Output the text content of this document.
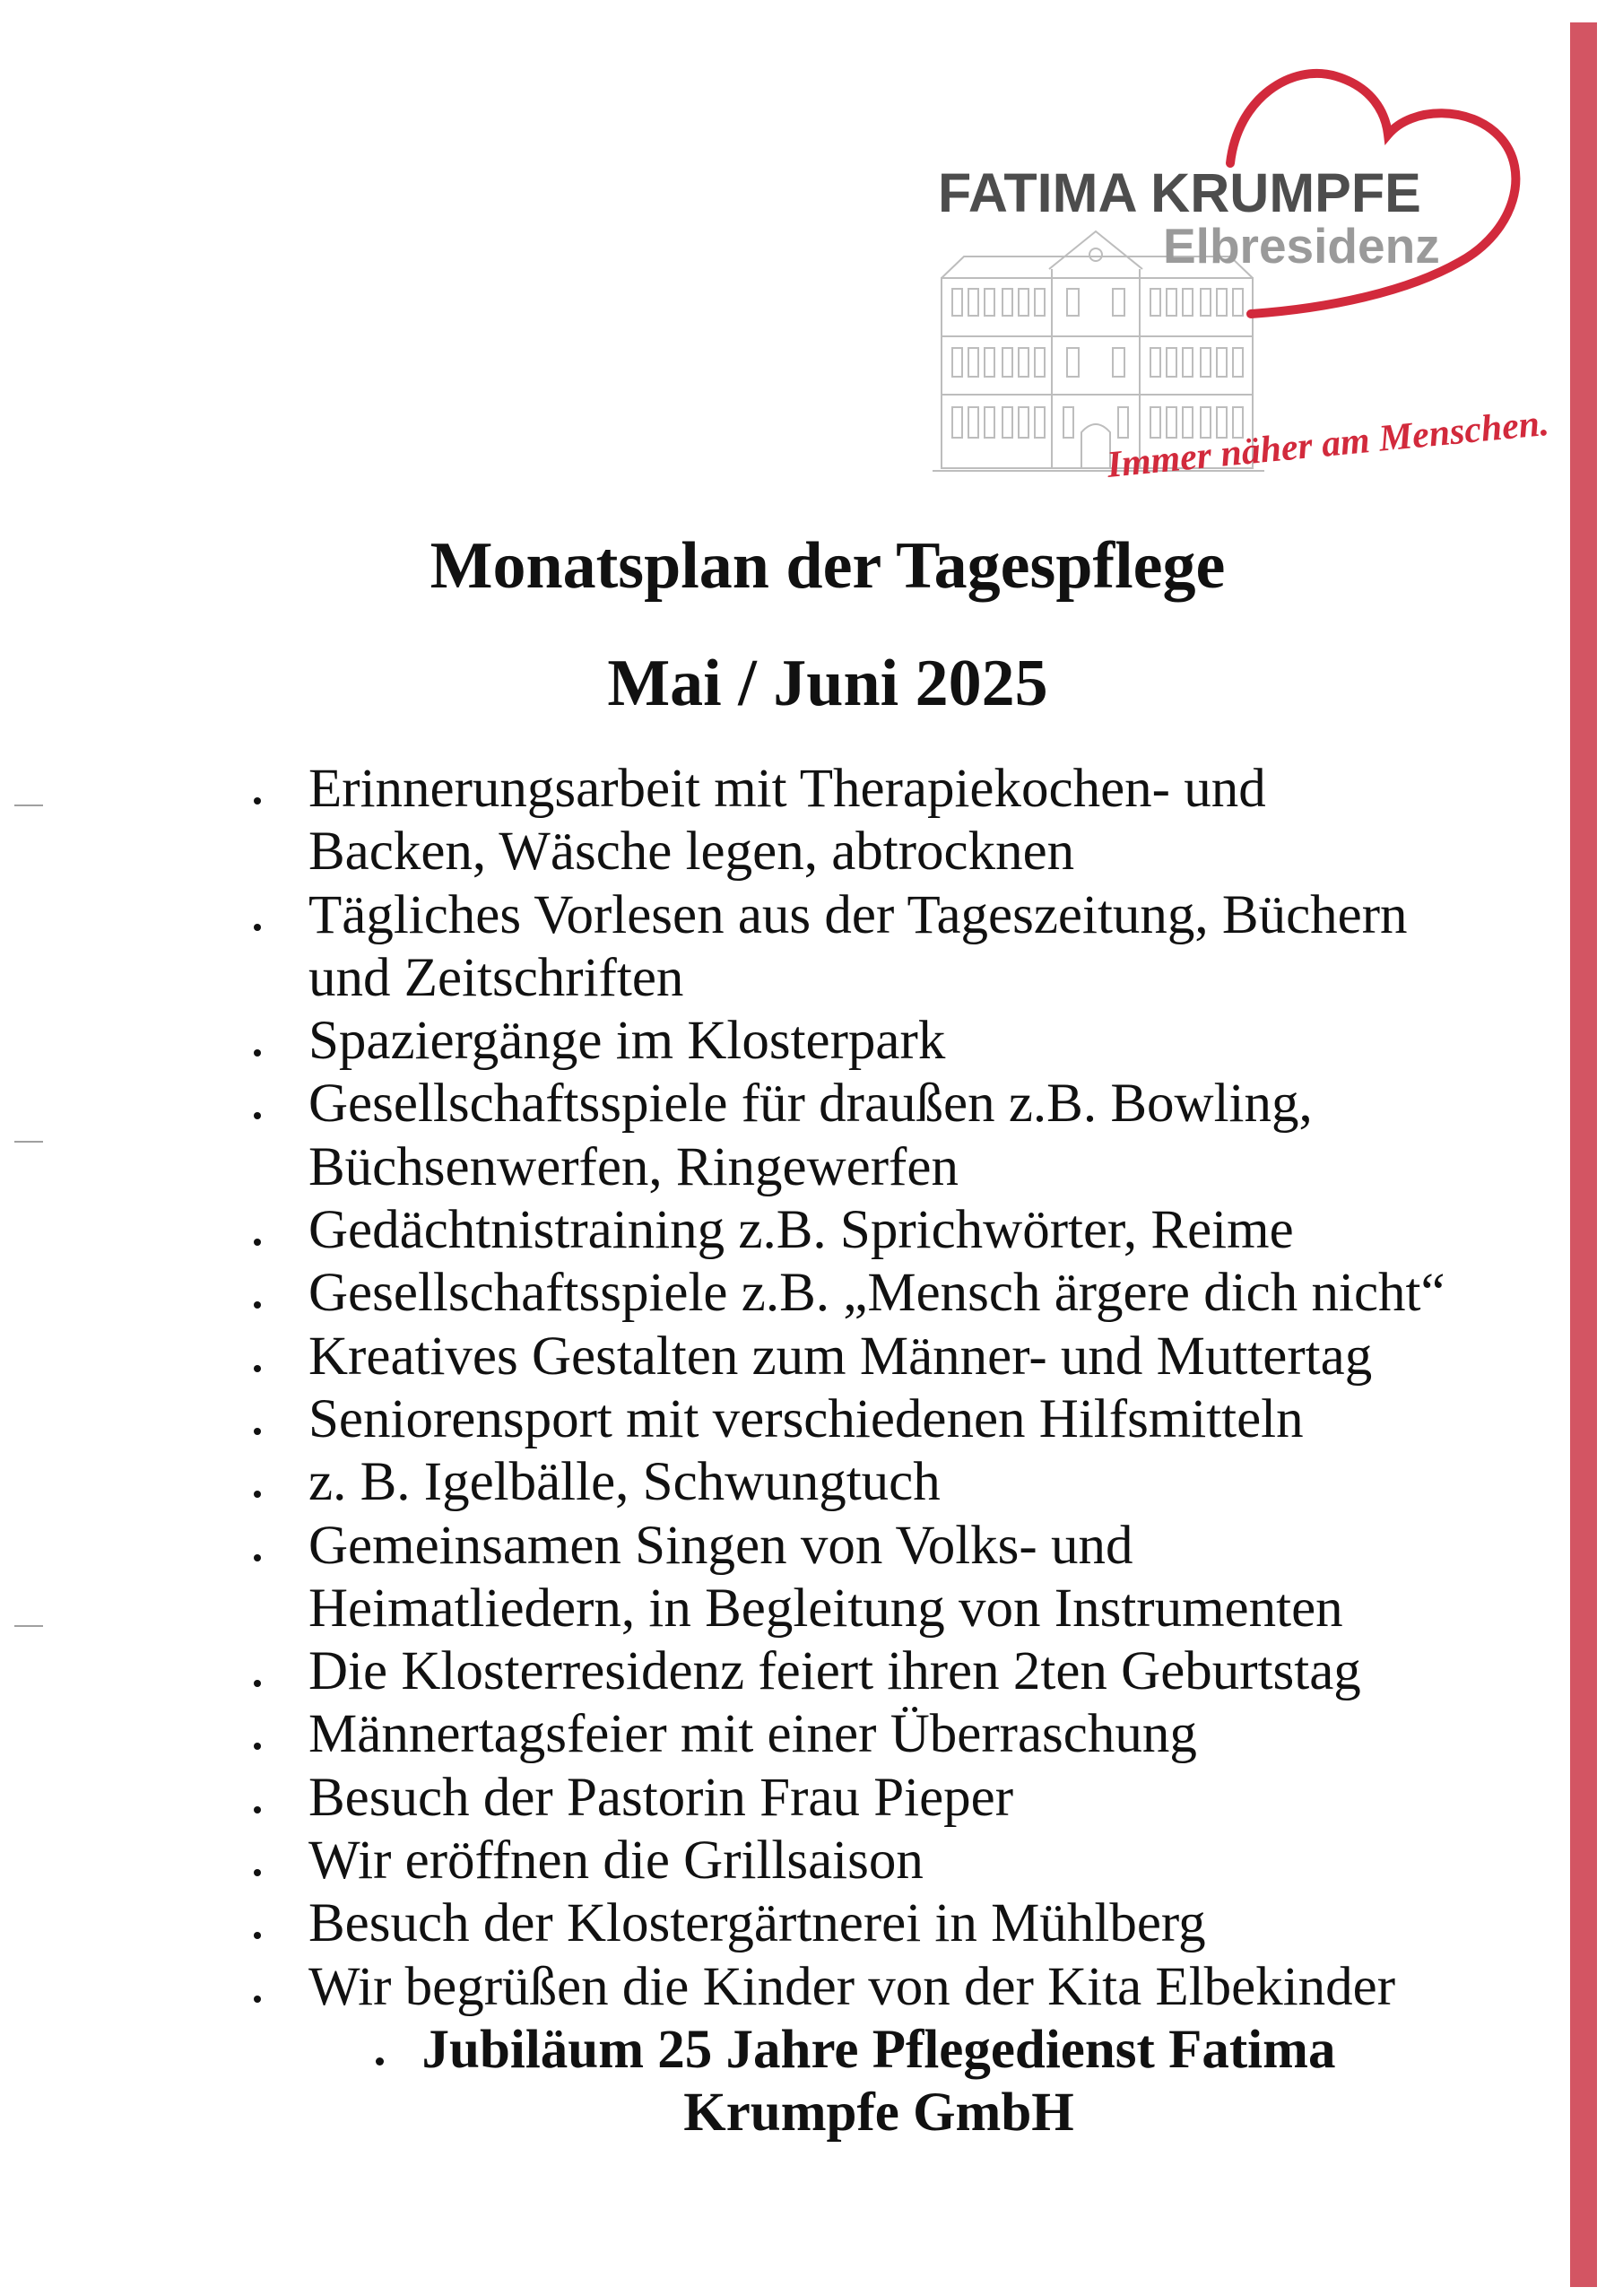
FATIMA KRUMPFE
Elbresidenz
Immer näher am Menschen.
Monatsplan der Tagespflege
Mai / Juni 2025
Erinnerungsarbeit mit Therapiekochen- und
Backen, Wäsche legen, abtrocknen
Tägliches Vorlesen aus der Tageszeitung, Büchern
und Zeitschriften
Spaziergänge im Klosterpark
Gesellschaftsspiele für draußen z.B. Bowling,
Büchsenwerfen, Ringewerfen
Gedächtnistraining z.B. Sprichwörter, Reime
Gesellschaftsspiele z.B. „Mensch ärgere dich nicht“
Kreatives Gestalten zum Männer- und Muttertag
Seniorensport mit verschiedenen Hilfsmitteln
z. B. Igelbälle, Schwungtuch
Gemeinsamen Singen von Volks- und
Heimatliedern, in Begleitung von Instrumenten
Die Klosterresidenz feiert ihren 2ten Geburtstag
Männertagsfeier mit einer Überraschung
Besuch der Pastorin Frau Pieper
Wir eröffnen die Grillsaison
Besuch der Klostergärtnerei in Mühlberg
Wir begrüßen die Kinder von der Kita Elbekinder
Jubiläum 25 Jahre Pflegedienst Fatima
Krumpfe GmbH
